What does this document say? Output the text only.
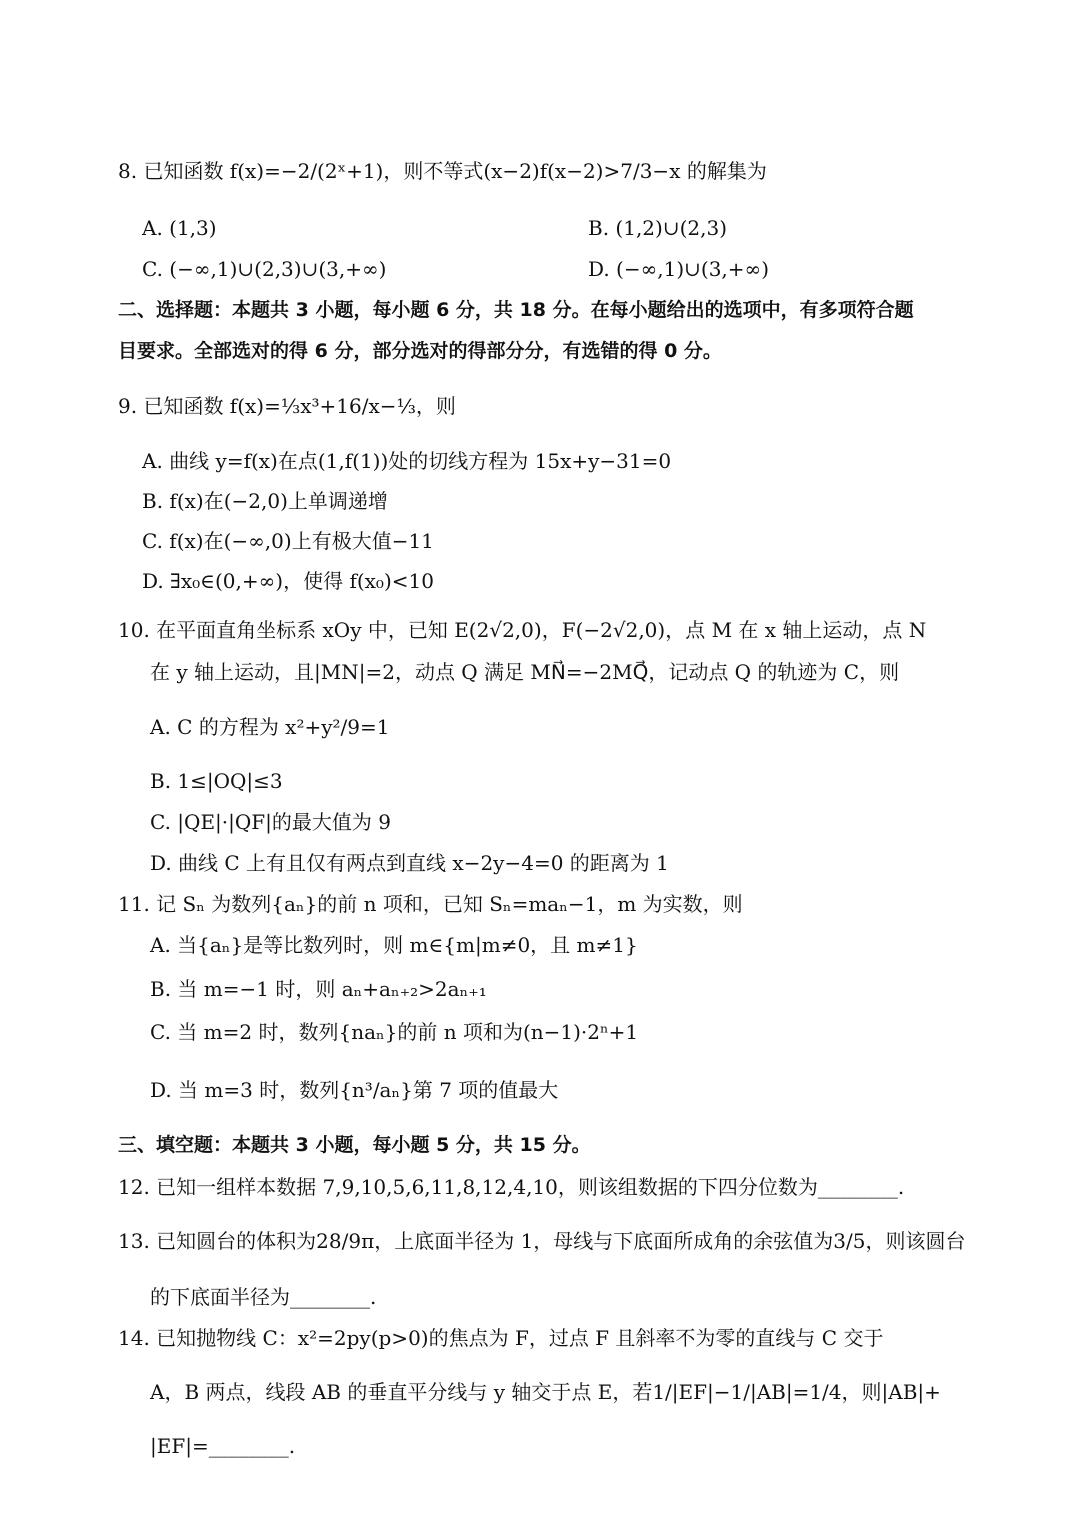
8. 已知函数 f(x)=−2/(2ˣ+1)，则不等式(x−2)f(x−2)>7/3−x 的解集为
A. (1,3)	B. (1,2)∪(2,3)
C. (−∞,1)∪(2,3)∪(3,+∞)	D. (−∞,1)∪(3,+∞)
二、选择题：本题共 3 小题，每小题 6 分，共 18 分。在每小题给出的选项中，有多项符合题
目要求。全部选对的得 6 分，部分选对的得部分分，有选错的得 0 分。
9. 已知函数 f(x)=⅓x³+16/x−⅓，则
A. 曲线 y=f(x)在点(1,f(1))处的切线方程为 15x+y−31=0
B. f(x)在(−2,0)上单调递增
C. f(x)在(−∞,0)上有极大值−11
D. ∃x₀∈(0,+∞)，使得 f(x₀)<10
10. 在平面直角坐标系 xOy 中，已知 E(2√2,0)，F(−2√2,0)，点 M 在 x 轴上运动，点 N
在 y 轴上运动，且|MN|=2，动点 Q 满足 MN⃗=−2MQ⃗，记动点 Q 的轨迹为 C，则
A. C 的方程为 x²+y²/9=1
B. 1≤|OQ|≤3
C. |QE|·|QF|的最大值为 9
D. 曲线 C 上有且仅有两点到直线 x−2y−4=0 的距离为 1
11. 记 Sₙ 为数列{aₙ}的前 n 项和，已知 Sₙ=maₙ−1，m 为实数，则
A. 当{aₙ}是等比数列时，则 m∈{m|m≠0，且 m≠1}
B. 当 m=−1 时，则 aₙ+aₙ₊₂>2aₙ₊₁
C. 当 m=2 时，数列{naₙ}的前 n 项和为(n−1)·2ⁿ+1
D. 当 m=3 时，数列{n³/aₙ}第 7 项的值最大
三、填空题：本题共 3 小题，每小题 5 分，共 15 分。
12. 已知一组样本数据 7,9,10,5,6,11,8,12,4,10，则该组数据的下四分位数为________.
13. 已知圆台的体积为28/9π，上底面半径为 1，母线与下底面所成角的余弦值为3/5，则该圆台
的下底面半径为________.
14. 已知抛物线 C：x²=2py(p>0)的焦点为 F，过点 F 且斜率不为零的直线与 C 交于
A，B 两点，线段 AB 的垂直平分线与 y 轴交于点 E，若1/|EF|−1/|AB|=1/4，则|AB|+
|EF|=________.
